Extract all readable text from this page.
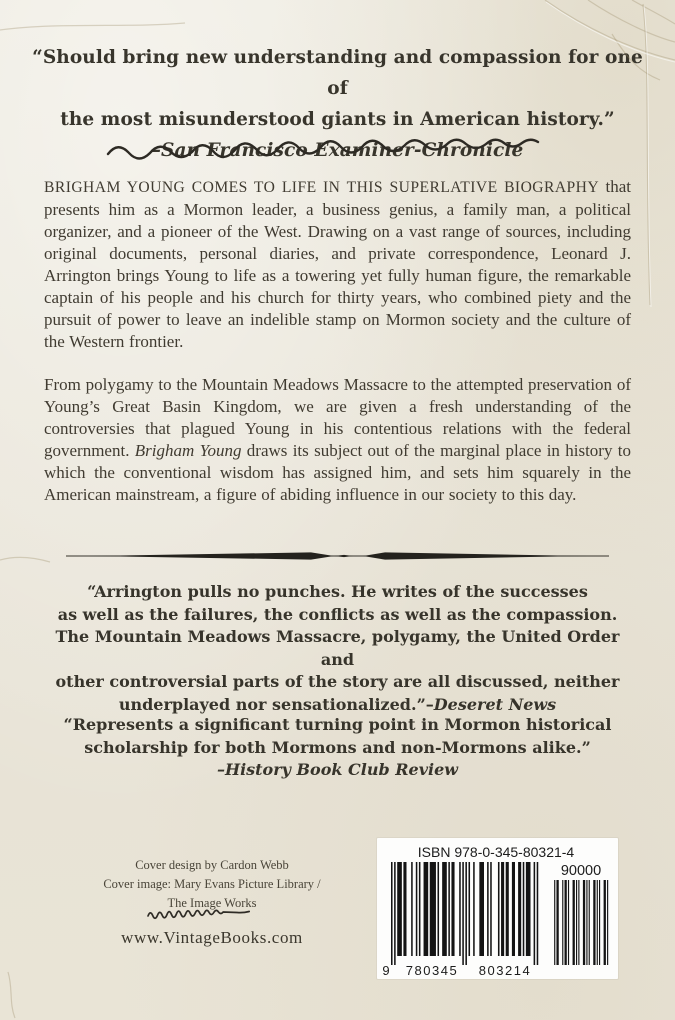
“Should bring new understanding and compassion for one of
the most misunderstood giants in American history.”
–San Francisco Examiner-Chronicle
BRIGHAM YOUNG COMES TO LIFE IN THIS SUPERLATIVE BIOGRAPHY that presents him as a Mormon leader, a business genius, a family man, a political organizer, and a pioneer of the West. Drawing on a vast range of sources, including original documents, personal diaries, and private correspondence, Leonard J. Arrington brings Young to life as a towering yet fully human figure, the remarkable captain of his people and his church for thirty years, who combined piety and the pursuit of power to leave an indelible stamp on Mormon society and the culture of the Western frontier.
From polygamy to the Mountain Meadows Massacre to the attempted preservation of Young’s Great Basin Kingdom, we are given a fresh understanding of the controversies that plagued Young in his contentious relations with the federal government. Brigham Young draws its subject out of the marginal place in history to which the conventional wisdom has assigned him, and sets him squarely in the American mainstream, a figure of abiding influence in our society to this day.
“Arrington pulls no punches. He writes of the successes
as well as the failures, the conflicts as well as the compassion.
The Mountain Meadows Massacre, polygamy, the United Order and
other controversial parts of the story are all discussed, neither
underplayed nor sensationalized.”–Deseret News
“Represents a significant turning point in Mormon historical
scholarship for both Mormons and non-Mormons alike.”
–History Book Club Review
Cover design by Cardon Webb
Cover image: Mary Evans Picture Library /
The Image Works
www.VintageBooks.com
ISBN 978-0-345-80321-4
90000
9 780345 803214
